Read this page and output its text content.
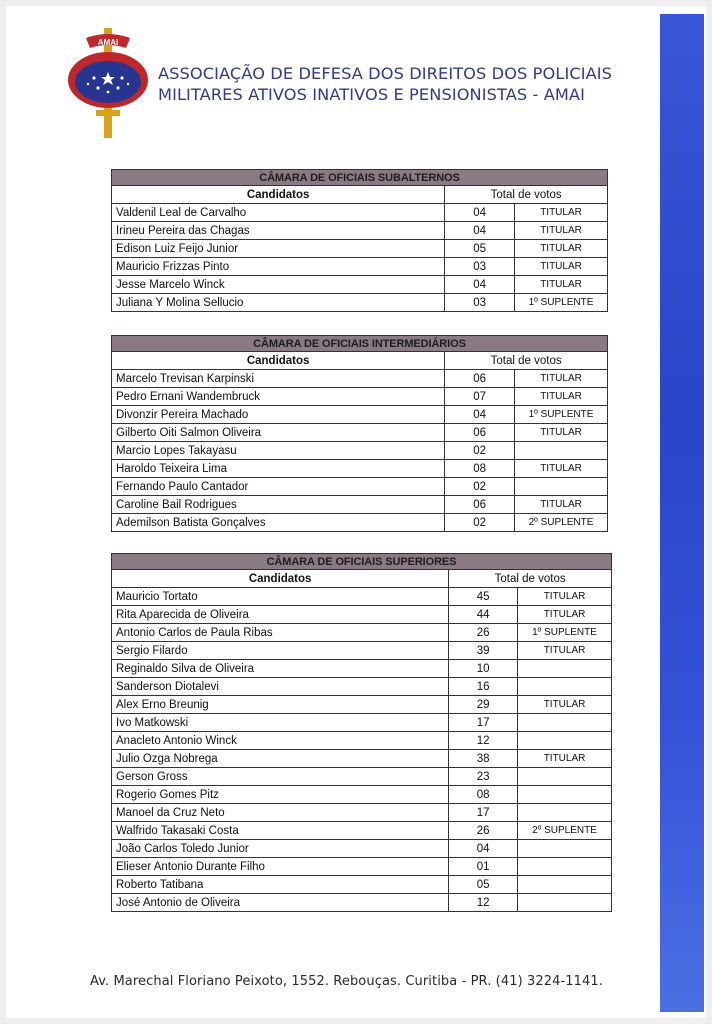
AMAI
ASSOCIAÇÃO DE DEFESA DOS DIREITOS DOS POLICIAIS
MILITARES ATIVOS INATIVOS E PENSIONISTAS - AMAI
CÂMARA DE OFICIAIS SUBALTERNOS		
Candidatos	Total de votos	
Valdenil Leal de Carvalho	04	TITULAR
Irineu Pereira das Chagas	04	TITULAR
Edison Luiz Feijo Junior	05	TITULAR
Mauricio Frizzas Pinto	03	TITULAR
Jesse Marcelo Winck	04	TITULAR
Juliana Y Molina Sellucio	03	1º SUPLENTE
CÂMARA DE OFICIAIS INTERMEDIÁRIOS		
Candidatos	Total de votos	
Marcelo Trevisan Karpinski	06	TITULAR
Pedro Ernani Wandembruck	07	TITULAR
Divonzir Pereira Machado	04	1º SUPLENTE
Gilberto Oiti Salmon Oliveira	06	TITULAR
Marcio Lopes Takayasu	02	
Haroldo Teixeira Lima	08	TITULAR
Fernando Paulo Cantador	02	
Caroline Bail Rodrigues	06	TITULAR
Ademilson Batista Gonçalves	02	2º SUPLENTE
CÂMARA DE OFICIAIS SUPERIORES		
Candidatos	Total de votos	
Mauricio Tortato	45	TITULAR
Rita Aparecida de Oliveira	44	TITULAR
Antonio Carlos de Paula Ribas	26	1º SUPLENTE
Sergio Filardo	39	TITULAR
Reginaldo Silva de Oliveira	10	
Sanderson Diotalevi	16	
Alex Erno Breunig	29	TITULAR
Ivo Matkowski	17	
Anacleto Antonio Winck	12	
Julio Ozga Nobrega	38	TITULAR
Gerson Gross	23	
Rogerio Gomes Pitz	08	
Manoel da Cruz Neto	17	
Walfrido Takasaki Costa	26	2º SUPLENTE
João Carlos Toledo Junior	04	
Elieser Antonio Durante Filho	01	
Roberto Tatibana	05	
José Antonio de Oliveira	12	
Av. Marechal Floriano Peixoto, 1552. Rebouças. Curitiba - PR. (41) 3224-1141.
